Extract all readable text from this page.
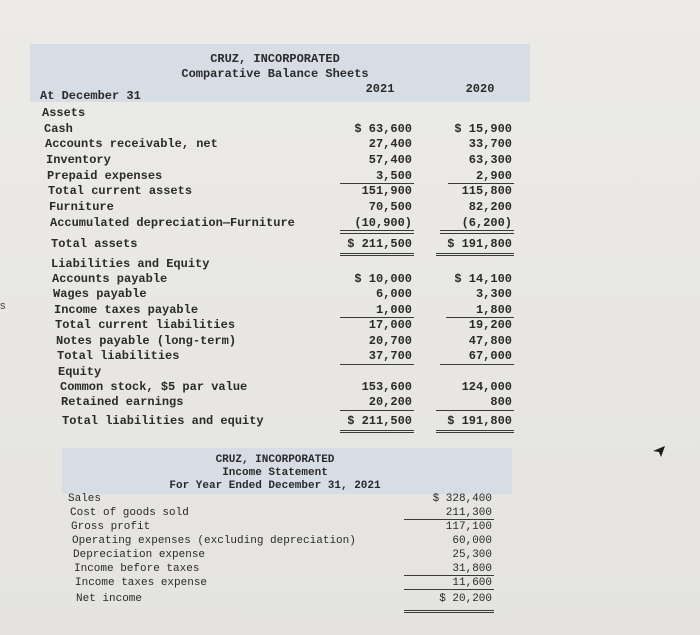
CRUZ, INCORPORATED
Comparative Balance Sheets
At December 31	2021	2020
Assets
Cash	$ 63,600	$ 15,900
Accounts receivable, net	27,400	33,700
Inventory	57,400	63,300
Prepaid expenses	3,500	2,900
Total current assets	151,900	115,800
Furniture	70,500	82,200
Accumulated depreciation—Furniture	(10,900)	(6,200)
Total assets	$ 211,500	$ 191,800
Liabilities and Equity
Accounts payable	$ 10,000	$ 14,100
Wages payable	6,000	3,300
Income taxes payable	1,000	1,800
Total current liabilities	17,000	19,200
Notes payable (long-term)	20,700	47,800
Total liabilities	37,700	67,000
Equity
Common stock, $5 par value	153,600	124,000
Retained earnings	20,200	800
Total liabilities and equity	$ 211,500	$ 191,800
CRUZ, INCORPORATED
Income Statement
For Year Ended December 31, 2021
Sales	$ 328,400
Cost of goods sold	211,300
Gross profit	117,100
Operating expenses (excluding depreciation)	60,000
Depreciation expense	25,300
Income before taxes	31,800
Income taxes expense	11,600
Net income	$ 20,200
s
